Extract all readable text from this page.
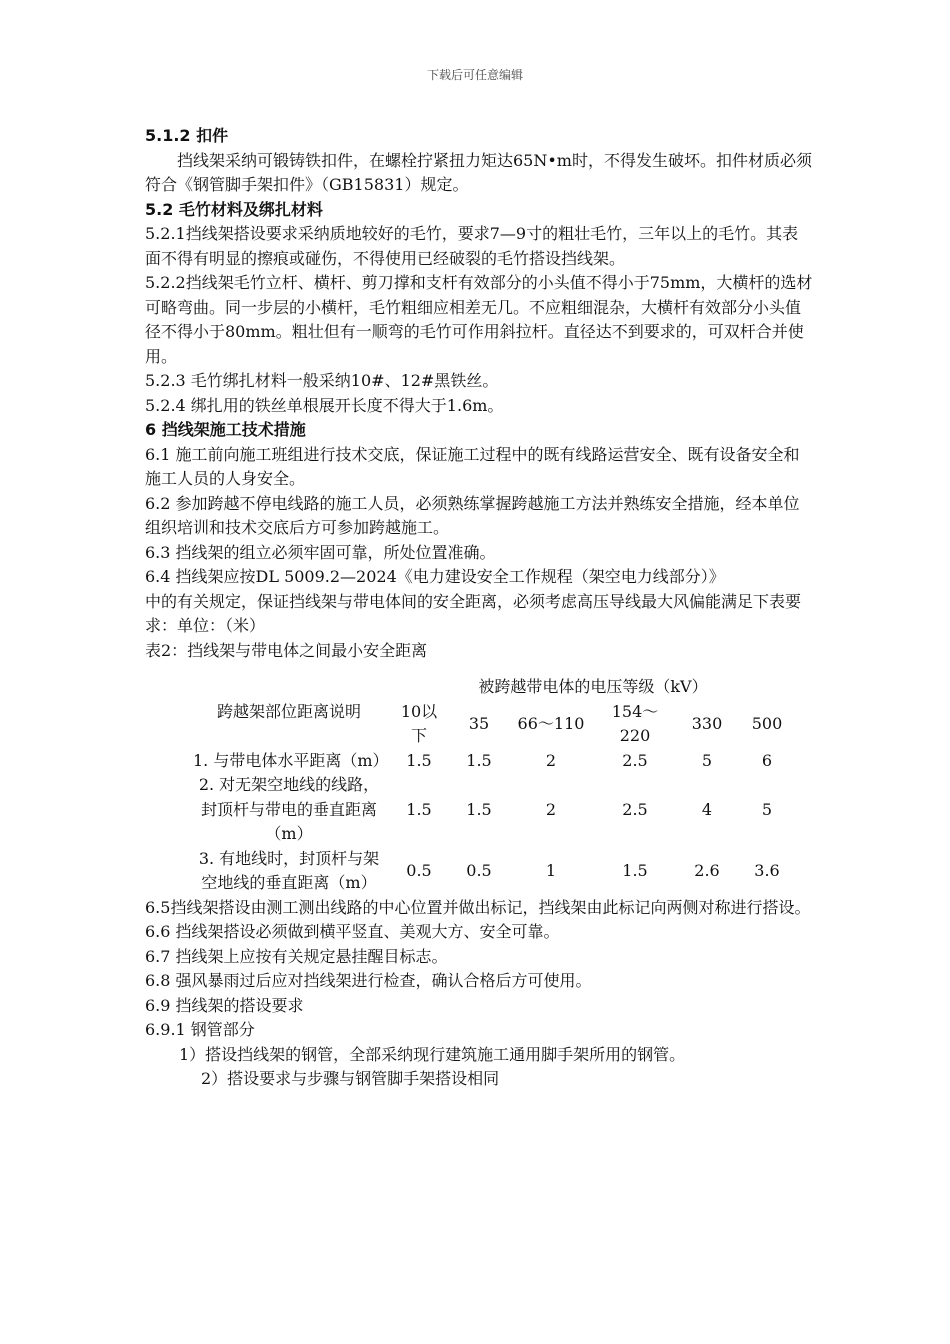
下载后可任意编辑

5.1.2 扣件

挡线架采纳可锻铸铁扣件，在螺栓拧紧扭力矩达65N•m时，不得发生破坏。扣件材质必须符合《钢管脚手架扣件》（GB15831）规定。

5.2 毛竹材料及绑扎材料

5.2.1挡线架搭设要求采纳质地较好的毛竹，要求7—9寸的粗壮毛竹，三年以上的毛竹。其表面不得有明显的擦痕或碰伤，不得使用已经破裂的毛竹搭设挡线架。

5.2.2挡线架毛竹立杆、横杆、剪刀撑和支杆有效部分的小头值不得小于75mm，大横杆的选材可略弯曲。同一步层的小横杆，毛竹粗细应相差无几。不应粗细混杂，大横杆有效部分小头值径不得小于80mm。粗壮但有一顺弯的毛竹可作用斜拉杆。直径达不到要求的，可双杆合并使用。

5.2.3 毛竹绑扎材料一般采纳10#、12#黑铁丝。

5.2.4 绑扎用的铁丝单根展开长度不得大于1.6m。

6 挡线架施工技术措施

6.1 施工前向施工班组进行技术交底，保证施工过程中的既有线路运营安全、既有设备安全和施工人员的人身安全。

6.2 参加跨越不停电线路的施工人员，必须熟练掌握跨越施工方法并熟练安全措施，经本单位组织培训和技术交底后方可参加跨越施工。

6.3 挡线架的组立必须牢固可靠，所处位置准确。

6.4 挡线架应按DL 5009.2—2024《电力建设安全工作规程（架空电力线部分）》

中的有关规定，保证挡线架与带电体间的安全距离，必须考虑高压导线最大风偏能满足下表要求：单位：（米）

表2：挡线架与带电体之间最小安全距离

跨越架部位距离说明	被跨越带电体的电压等级（kV）					
	10以下	35	66～110	154～220	330	500
1. 与带电体水平距离（m）	1.5	1.5	2	2.5	5	6
2. 对无架空地线的线路，封顶杆与带电的垂直距离（m）	1.5	1.5	2	2.5	4	5
3. 有地线时，封顶杆与架空地线的垂直距离（m）	0.5	0.5	1	1.5	2.6	3.6

6.5挡线架搭设由测工测出线路的中心位置并做出标记，挡线架由此标记向两侧对称进行搭设。

6.6 挡线架搭设必须做到横平竖直、美观大方、安全可靠。

6.7 挡线架上应按有关规定悬挂醒目标志。

6.8 强风暴雨过后应对挡线架进行检查，确认合格后方可使用。

6.9 挡线架的搭设要求

6.9.1 钢管部分

1）搭设挡线架的钢管，全部采纳现行建筑施工通用脚手架所用的钢管。

2）搭设要求与步骤与钢管脚手架搭设相同
